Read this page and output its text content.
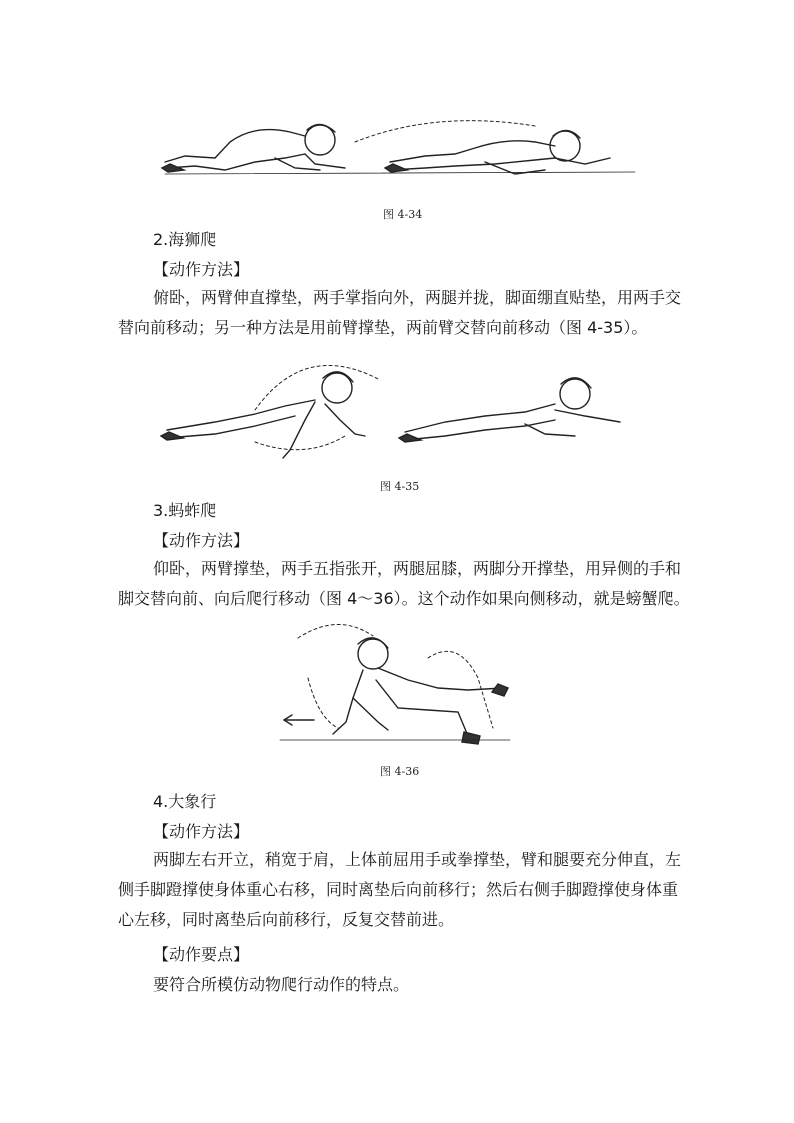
图 4-34
2.海狮爬
【动作方法】
俯卧，两臂伸直撑垫，两手掌指向外，两腿并拢，脚面绷直贴垫，用两手交
替向前移动；另一种方法是用前臂撑垫，两前臂交替向前移动（图 4-35）。
图 4-35
3.蚂蚱爬
【动作方法】
仰卧，两臂撑垫，两手五指张开，两腿屈膝，两脚分开撑垫，用异侧的手和
脚交替向前、向后爬行移动（图 4～36）。这个动作如果向侧移动，就是螃蟹爬。
图 4-36
4.大象行
【动作方法】
两脚左右开立，稍宽于肩，上体前屈用手或拳撑垫，臂和腿要充分伸直，左
侧手脚蹬撑使身体重心右移，同时离垫后向前移行；然后右侧手脚蹬撑使身体重
心左移，同时离垫后向前移行，反复交替前进。
【动作要点】
要符合所模仿动物爬行动作的特点。
